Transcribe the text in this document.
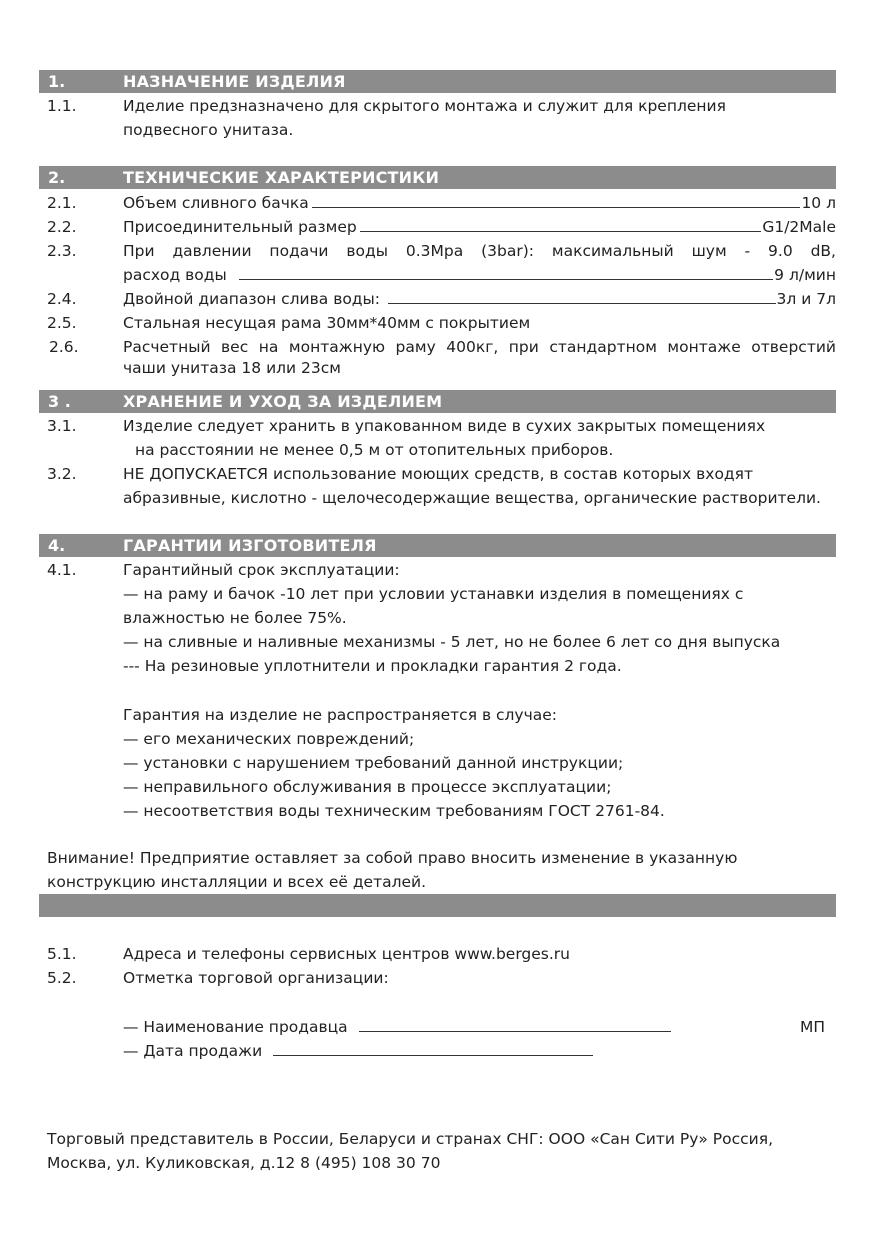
1.	НАЗНАЧЕНИЕ ИЗДЕЛИЯ
1.1.	Иделие предзназначено для скрытого монтажа и служит для крепления
подвесного унитаза.
2.	ТЕХНИЧЕСКИЕ ХАРАКТЕРИСТИКИ
2.1.	Объем сливного бачка	10 л
2.2.	Присоединительный размер	G1/2Male
2.3.	При давлении подачи воды 0.3Mpa (3bar): максимальный шум - 9.0 dB,
расход воды	9 л/мин
2.4.	Двойной диапазон слива воды:	3л и 7л
2.5.	Стальная несущая рама 30мм*40мм с покрытием
2.6.	Расчетный вес на монтажную раму 400кг, при стандартном монтаже отверстий
чаши унитаза 18 или 23см
3 .	ХРАНЕНИЕ И УХОД ЗА ИЗДЕЛИЕМ
3.1.	Изделие следует хранить в упакованном виде в сухих закрытых помещениях
на расстоянии не менее 0,5 м от отопительных приборов.
3.2.	НЕ ДОПУСКАЕТСЯ использование моющих средств, в состав которых входят
абразивные, кислотно - щелочесодержащие вещества, органические растворители.
4.	ГАРАНТИИ ИЗГОТОВИТЕЛЯ
4.1.	Гарантийный срок эксплуатации:
— на раму и бачок -10 лет при условии устанавки изделия в помещениях с
влажностью не более 75%.
— на сливные и наливные механизмы - 5 лет, но не более 6 лет со дня выпуска
--- На резиновые уплотнители и прокладки гарантия 2 года.
Гарантия на изделие не распространяется в случае:
— его механических повреждений;
— установки с нарушением требований данной инструкции;
— неправильного обслуживания в процессе эксплуатации;
— несоответствия воды техническим требованиям ГОСТ 2761-84.
Внимание! Предприятие оставляет за собой право вносить изменение в указанную
конструкцию инсталляции и всех её деталей.
5.1.	Адреса и телефоны сервисных центров www.berges.ru
5.2.	Отметка торговой организации:
— Наименование продавца	МП
— Дата продажи
Торговый представитель в России, Беларуси и странах СНГ: ООО «Сан Сити Ру» Россия,
Москва, ул. Куликовская, д.12 8 (495) 108 30 70
